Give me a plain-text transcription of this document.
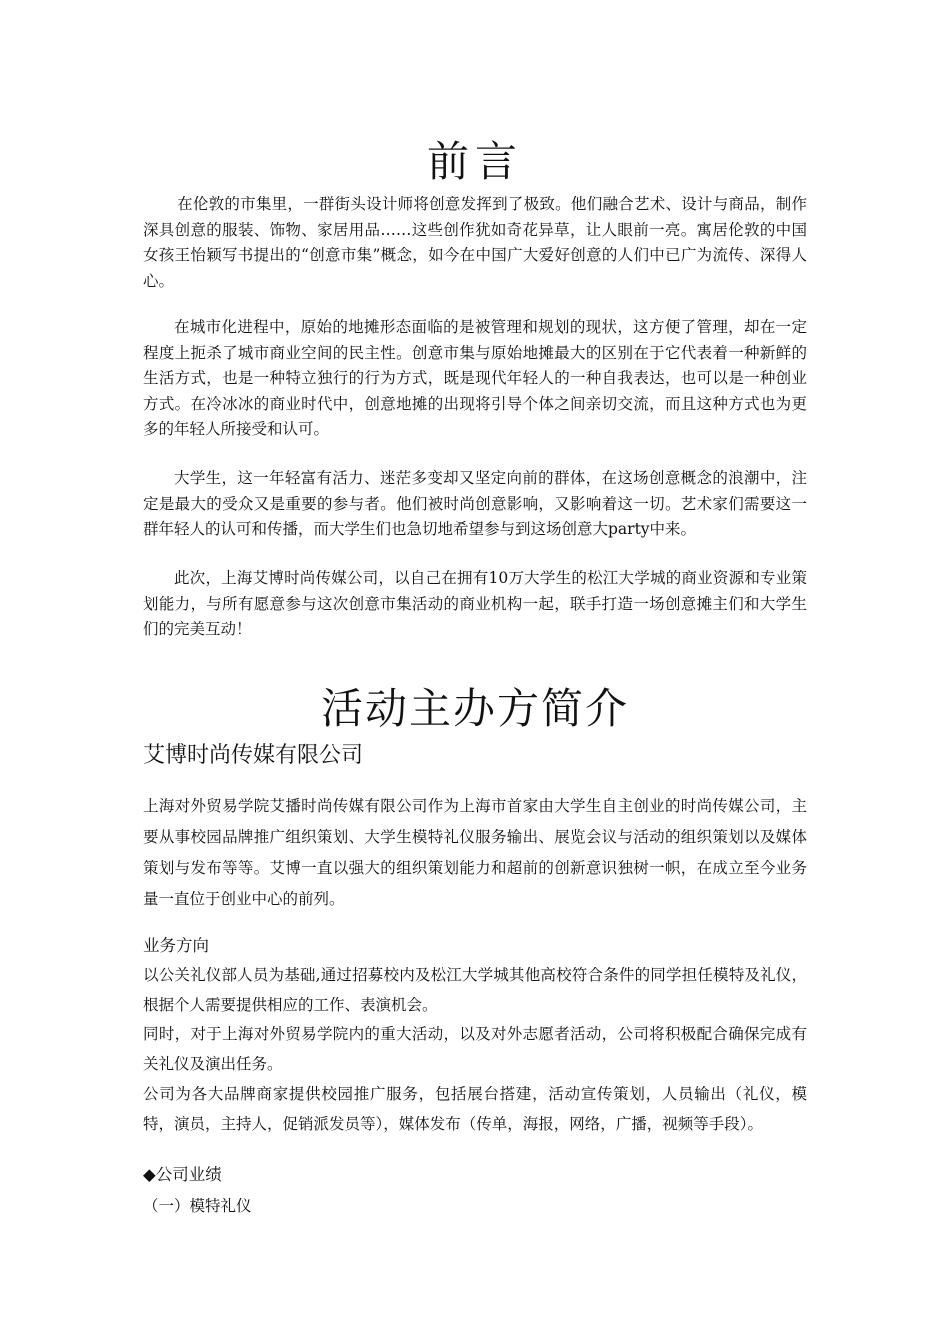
前言

在伦敦的市集里，一群街头设计师将创意发挥到了极致。他们融合艺术、设计与商品，制作深具创意的服装、饰物、家居用品……这些创作犹如奇花异草，让人眼前一亮。寓居伦敦的中国女孩王怡颖写书提出的“创意市集”概念，如今在中国广大爱好创意的人们中已广为流传、深得人心。

在城市化进程中，原始的地摊形态面临的是被管理和规划的现状，这方便了管理，却在一定程度上扼杀了城市商业空间的民主性。创意市集与原始地摊最大的区别在于它代表着一种新鲜的生活方式，也是一种特立独行的行为方式，既是现代年轻人的一种自我表达，也可以是一种创业方式。在冷冰冰的商业时代中，创意地摊的出现将引导个体之间亲切交流，而且这种方式也为更多的年轻人所接受和认可。

大学生，这一年轻富有活力、迷茫多变却又坚定向前的群体，在这场创意概念的浪潮中，注定是最大的受众又是重要的参与者。他们被时尚创意影响，又影响着这一切。艺术家们需要这一群年轻人的认可和传播，而大学生们也急切地希望参与到这场创意大party中来。

此次，上海艾博时尚传媒公司，以自己在拥有10万大学生的松江大学城的商业资源和专业策划能力，与所有愿意参与这次创意市集活动的商业机构一起，联手打造一场创意摊主们和大学生们的完美互动！

活动主办方简介
艾博时尚传媒有限公司

上海对外贸易学院艾播时尚传媒有限公司作为上海市首家由大学生自主创业的时尚传媒公司，主要从事校园品牌推广组织策划、大学生模特礼仪服务输出、展览会议与活动的组织策划以及媒体策划与发布等等。艾博一直以强大的组织策划能力和超前的创新意识独树一帜，在成立至今业务量一直位于创业中心的前列。

业务方向

以公关礼仪部人员为基础,通过招募校内及松江大学城其他高校符合条件的同学担任模特及礼仪，根据个人需要提供相应的工作、表演机会。

同时，对于上海对外贸易学院内的重大活动，以及对外志愿者活动，公司将积极配合确保完成有关礼仪及演出任务。

公司为各大品牌商家提供校园推广服务，包括展台搭建，活动宣传策划，人员输出（礼仪，模特，演员，主持人，促销派发员等），媒体发布（传单，海报，网络，广播，视频等手段）。

◆公司业绩
（一）模特礼仪
